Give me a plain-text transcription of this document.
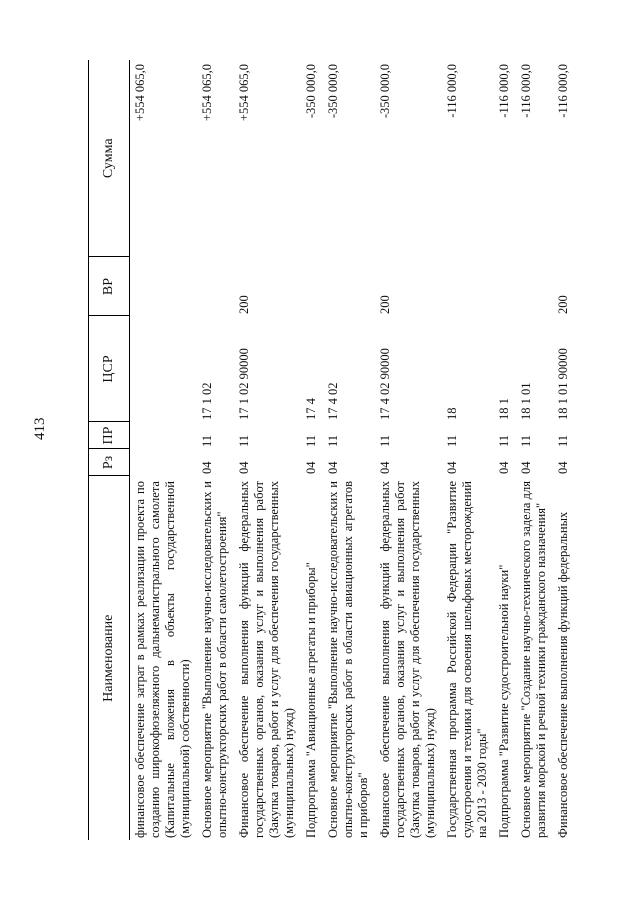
413
Наименование	Рз	ПР	ЦСР	ВР	Сумма
финансовое обеспечение затрат в рамках реализации проекта по созданию широкофюзеляжного дальнемагистрального самолета (Капитальные вложения в объекты государственной (муниципальной) собственности)					+554 065,0
Основное мероприятие "Выполнение научно-исследовательских и опытно-конструкторских работ в области самолетостроения"	04	11	17 1 02		+554 065,0
Финансовое обеспечение выполнения функций федеральных государственных органов, оказания услуг и выполнения работ (Закупка товаров, работ и услуг для обеспечения государственных (муниципальных) нужд)	04	11	17 1 02 90000	200	+554 065,0
Подпрограмма "Авиационные агрегаты и приборы"	04	11	17 4		-350 000,0
Основное мероприятие "Выполнение научно-исследовательских и опытно-конструкторских работ в области авиационных агрегатов и приборов"	04	11	17 4 02		-350 000,0
Финансовое обеспечение выполнения функций федеральных государственных органов, оказания услуг и выполнения работ (Закупка товаров, работ и услуг для обеспечения государственных (муниципальных) нужд)	04	11	17 4 02 90000	200	-350 000,0
Государственная программа Российской Федерации "Развитие судостроения и техники для освоения шельфовых месторождений на 2013 - 2030 годы"	04	11	18		-116 000,0
Подпрограмма "Развитие судостроительной науки"	04	11	18 1		-116 000,0
Основное мероприятие "Создание научно-технического задела для развития морской и речной техники гражданского назначения"	04	11	18 1 01		-116 000,0
Финансовое обеспечение выполнения функций федеральных	04	11	18 1 01 90000	200	-116 000,0
